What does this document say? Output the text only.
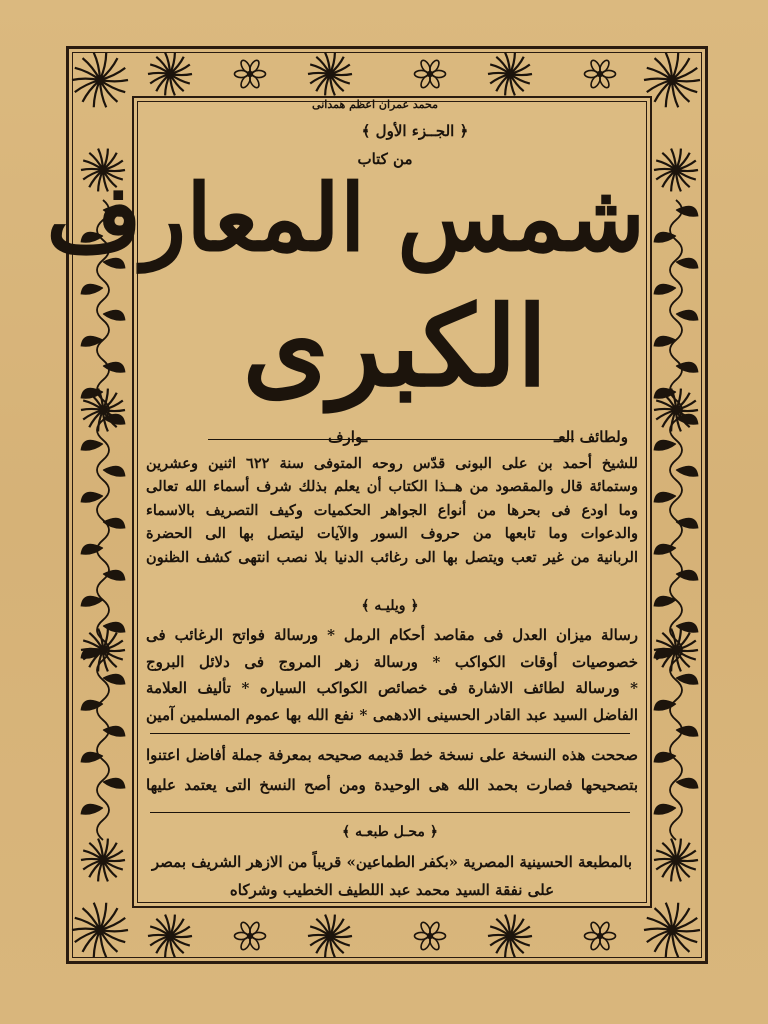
محمد عمران اعظم همدانی
﴿ الجــزء الأول ﴾
من كتاب
شمس المعارف
الكبرى
ولطائف العـ
ـوارف
للشيخ أحمد بن على البونى قدّس روحه المتوفى سنة ٦٢٢ اثنين وعشرين
وستمائة قال والمقصود من هــذا الكتاب أن يعلم بذلك شرف أسماء الله تعالى
وما اودع فى بحرها من أنواع الجواهر الحكميات وكيف التصريف بالاسماء
والدعوات وما تابعها من حروف السور والآيات ليتصل بها الى الحضرة
الربانية من غير تعب ويتصل بها الى رغائب الدنيا بلا نصب انتهى كشف الظنون
﴿ ويليـه ﴾
رسالة ميزان العدل فى مقاصد أحكام الرمل * ورسالة فواتح الرغائب فى
خصوصيات أوقات الكواكب * ورسالة زهر المروج فى دلائل البروج
* ورسالة لطائف الاشارة فى خصائص الكواكب السياره * تأليف العلامة
الفاضل السيد عبد القادر الحسينى الادهمى * نفع الله بها عموم المسلمين آمين
صححت هذه النسخة على نسخة خط قديمه صحيحه بمعرفة جملة أفاضل اعتنوا
بتصحيحها فصارت بحمد الله هى الوحيدة ومن أصح النسخ التى يعتمد عليها
﴿ محـل طبعـه ﴾
بالمطبعة الحسينية المصرية «بكفر الطماعين» قريباً من الازهر الشريف بمصر
على نفقة السيد محمد عبد اللطيف الخطيب وشركاه
